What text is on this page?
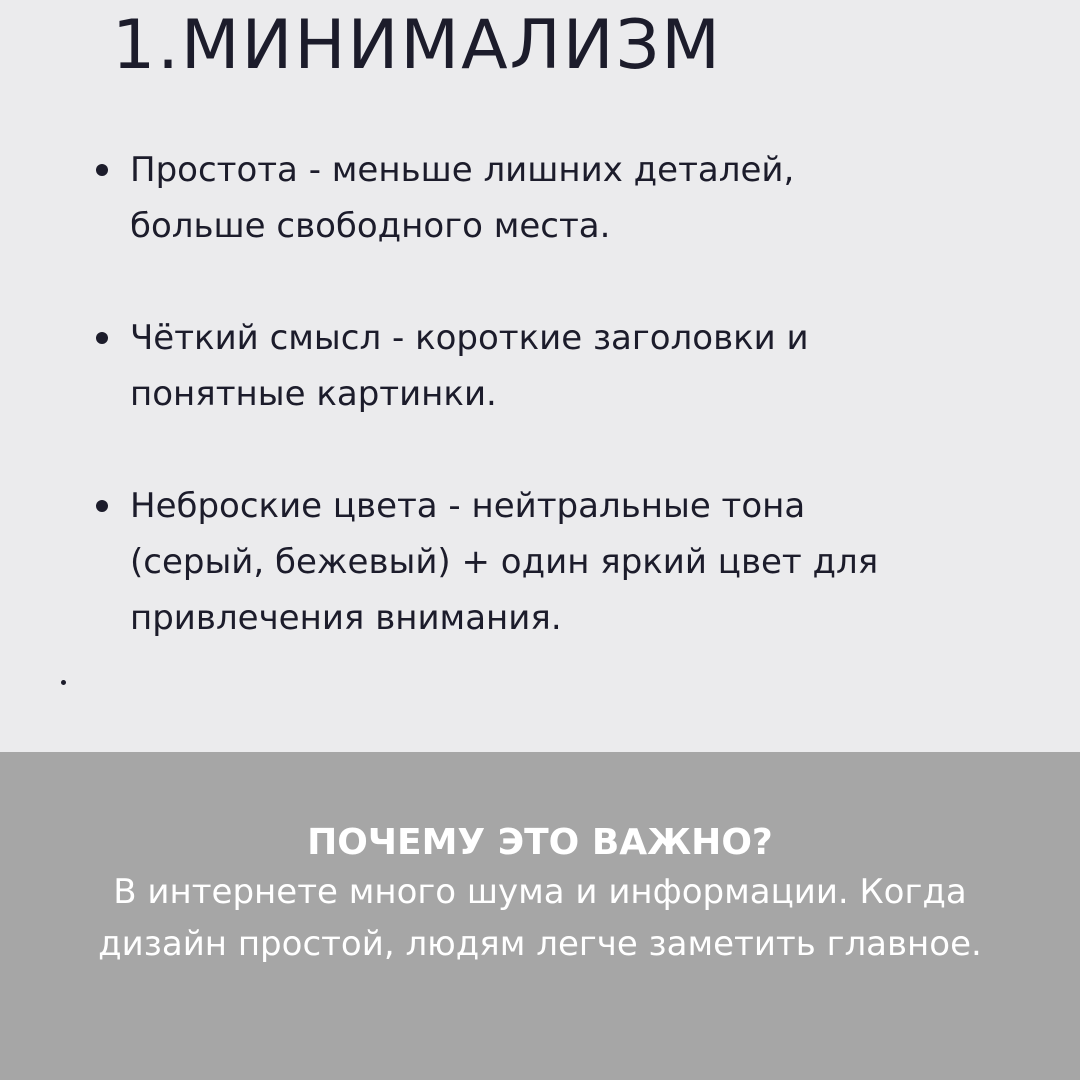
1.МИНИМАЛИЗМ
Простота - меньше лишних деталей,
больше свободного места.
Чёткий смысл - короткие заголовки и
понятные картинки.
Неброские цвета - нейтральные тона
(серый, бежевый) + один яркий цвет для
привлечения внимания.
ПОЧЕМУ ЭТО ВАЖНО?

В интернете много шума и информации. Когда
дизайн простой, людям легче заметить главное.
